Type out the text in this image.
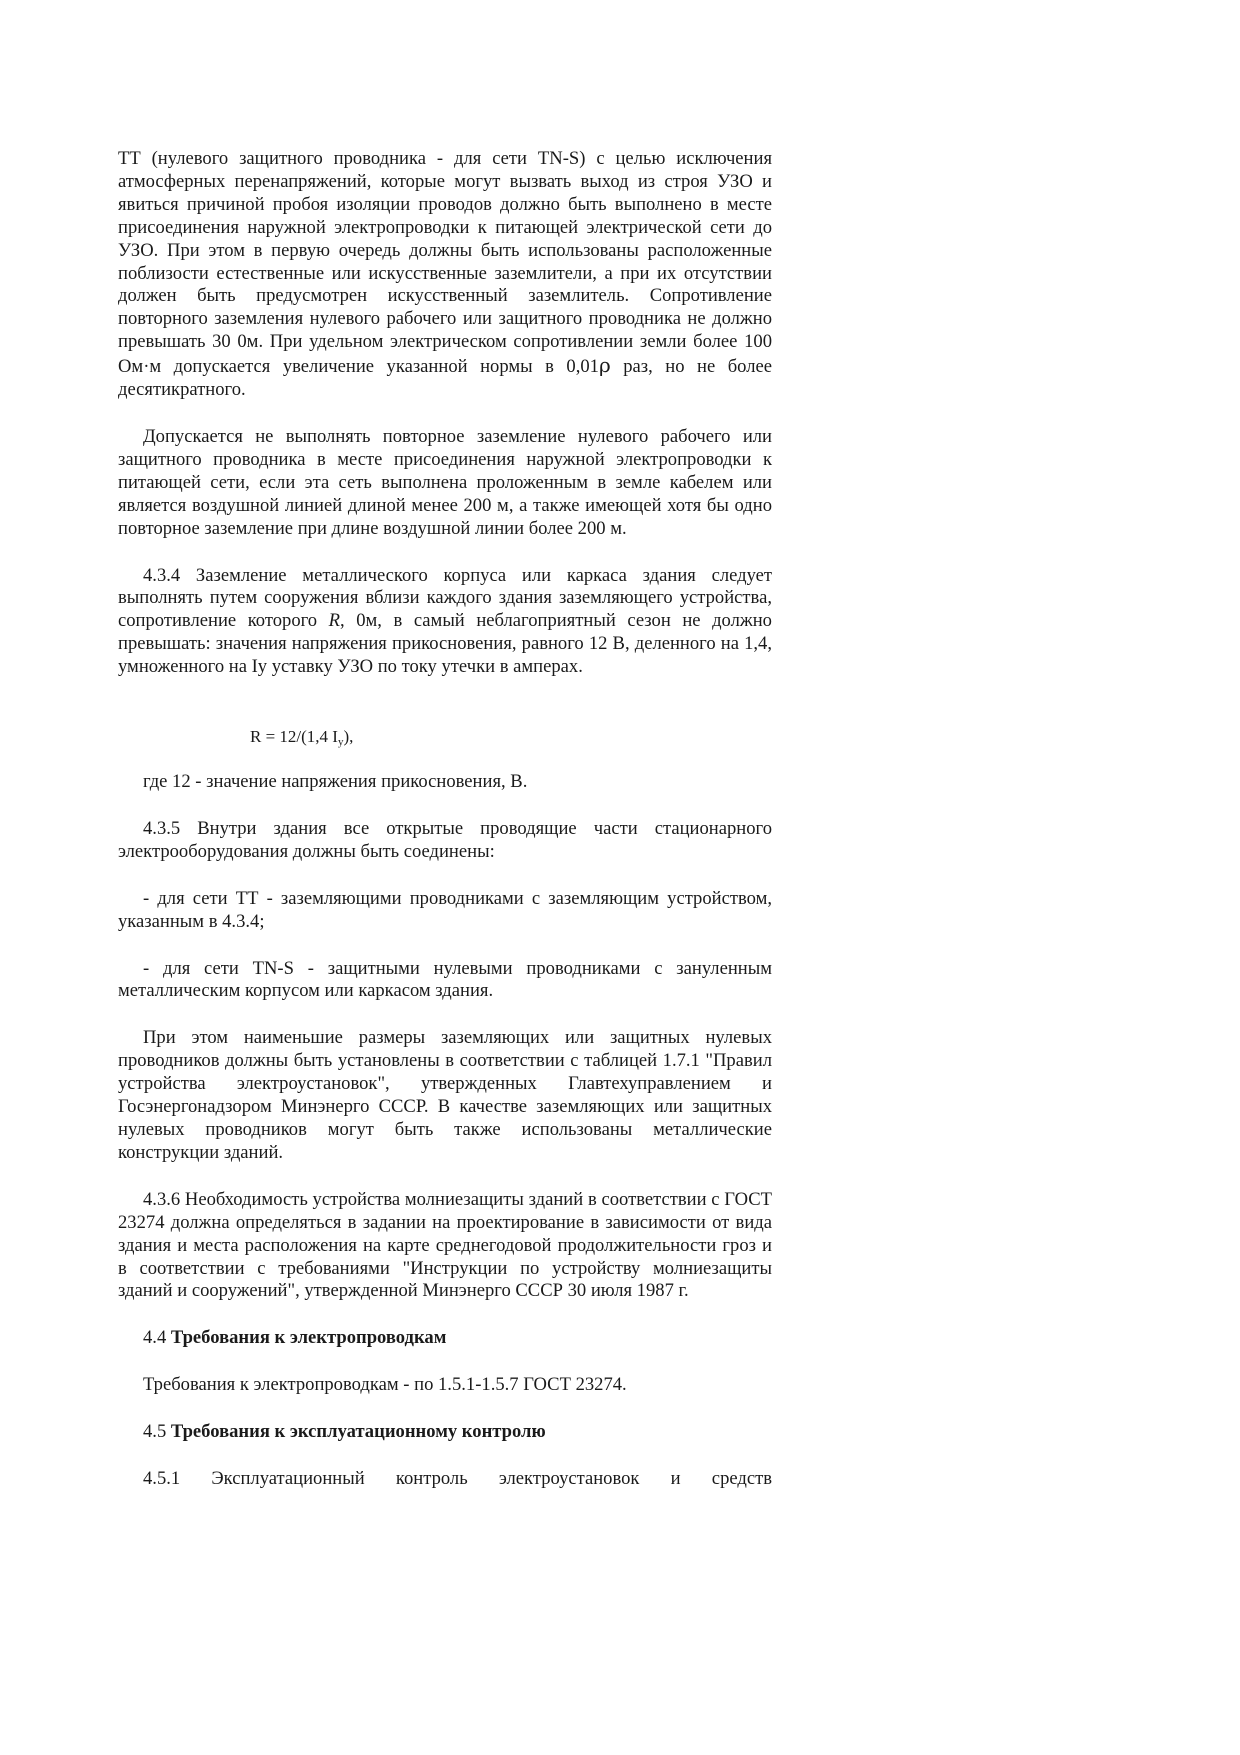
ТТ (нулевого защитного проводника - для сети TN-S) с целью исключения атмосферных перенапряжений, которые могут вызвать выход из строя УЗО и явиться причиной пробоя изоляции проводов должно быть выполнено в месте присоединения наружной электропроводки к питающей электрической сети до УЗО. При этом в первую очередь должны быть использованы расположенные поблизости естественные или искусственные заземлители, а при их отсутствии должен быть предусмотрен искусственный заземлитель. Сопротивление повторного заземления нулевого рабочего или защитного проводника не должно превышать 30 0м. При удельном электрическом сопротивлении земли более 100 Ом·м допускается увеличение указанной нормы в 0,01ρ раз, но не более десятикратного.

Допускается не выполнять повторное заземление нулевого рабочего или защитного проводника в месте присоединения наружной электропроводки к питающей сети, если эта сеть выполнена проложенным в земле кабелем или является воздушной линией длиной менее 200 м, а также имеющей хотя бы одно повторное заземление при длине воздушной линии более 200 м.

4.3.4 Заземление металлического корпуса или каркаса здания следует выполнять путем сооружения вблизи каждого здания заземляющего устройства, сопротивление которого R, 0м, в самый неблагоприятный сезон не должно превышать: значения напряжения прикосновения, равного 12 В, деленного на 1,4, умноженного на Iу уставку УЗО по току утечки в амперах.

R = 12/(1,4 $I_у$),

где 12 - значение напряжения прикосновения, В.

4.3.5 Внутри здания все открытые проводящие части стационарного электрооборудования должны быть соединены:

- для сети ТТ - заземляющими проводниками с заземляющим устройством, указанным в 4.3.4;

- для сети TN-S - защитными нулевыми проводниками с зануленным металлическим корпусом или каркасом здания.

При этом наименьшие размеры заземляющих или защитных нулевых проводников должны быть установлены в соответствии с таблицей 1.7.1 "Правил устройства электроустановок", утвержденных Главтехуправлением и Госэнергонадзором Минэнерго СССР. В качестве заземляющих или защитных нулевых проводников могут быть также использованы металлические конструкции зданий.

4.3.6 Необходимость устройства молниезащиты зданий в соответствии с ГОСТ 23274 должна определяться в задании на проектирование в зависимости от вида здания и места расположения на карте среднегодовой продолжительности гроз и в соответствии с требованиями "Инструкции по устройству молниезащиты зданий и сооружений", утвержденной Минэнерго СССР 30 июля 1987 г.

4.4 Требования к электропроводкам

Требования к электропроводкам - по 1.5.1-1.5.7 ГОСТ 23274.

4.5 Требования к эксплуатационному контролю

4.5.1 Эксплуатационный контроль электроустановок и средств
